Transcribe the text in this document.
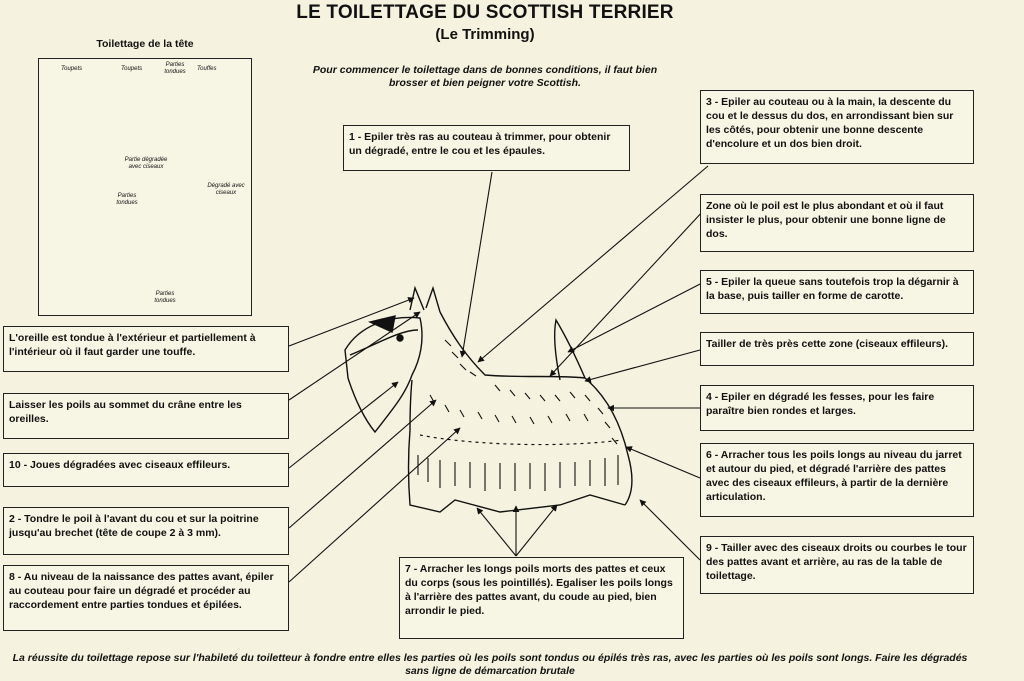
LE TOILETTAGE DU SCOTTISH TERRIER
(Le Trimming)
Pour commencer le toilettage dans de bonnes conditions, il faut bien brosser et bien peigner votre Scottish.
Toilettage de la tête
Toupets	Toupets
Parties tondues	Touffes
Partie dégradée avec ciseaux
Parties tondues
Dégradé avec ciseaux
Parties tondues
1 - Epiler très ras au couteau à trimmer, pour obtenir un dégradé, entre le cou et les épaules.
3 - Epiler au couteau ou à la main, la descente du cou et le dessus du dos, en arrondissant bien sur les côtés, pour obtenir une bonne descente d'encolure et un dos bien droit.
Zone où le poil est le plus abondant et où il faut insister le plus, pour obtenir une bonne ligne de dos.
5 - Epiler la queue sans toutefois trop la dégarnir à la base, puis tailler en forme de carotte.
Tailler de très près cette zone (ciseaux effileurs).
4 - Epiler en dégradé les fesses, pour les faire paraître bien rondes et larges.
6 - Arracher tous les poils longs au niveau du jarret et autour du pied, et dégradé l'arrière des pattes avec des ciseaux effileurs, à partir de la dernière articulation.
9 - Tailler avec des ciseaux droits ou courbes le tour des pattes avant et arrière, au ras de la table de toilettage.
7 - Arracher les longs poils morts des pattes et ceux du corps (sous les pointillés). Egaliser les poils longs à l'arrière des pattes avant, du coude au pied, bien arrondir le pied.
L'oreille est tondue à l'extérieur et partiellement à l'intérieur où il faut garder une touffe.
Laisser les poils au sommet du crâne entre les oreilles.
10 - Joues dégradées avec ciseaux effileurs.
2 - Tondre le poil à l'avant du cou et sur la poitrine jusqu'au brechet (tête de coupe 2 à 3 mm).
8 - Au niveau de la naissance des pattes avant, épiler au couteau pour faire un dégradé et procéder au raccordement entre parties tondues et épilées.
La réussite du toilettage repose sur l'habileté du toiletteur à fondre entre elles les parties où les poils sont tondus ou épilés très ras, avec les parties où les poils sont longs. Faire les dégradés sans ligne de démarcation brutale
